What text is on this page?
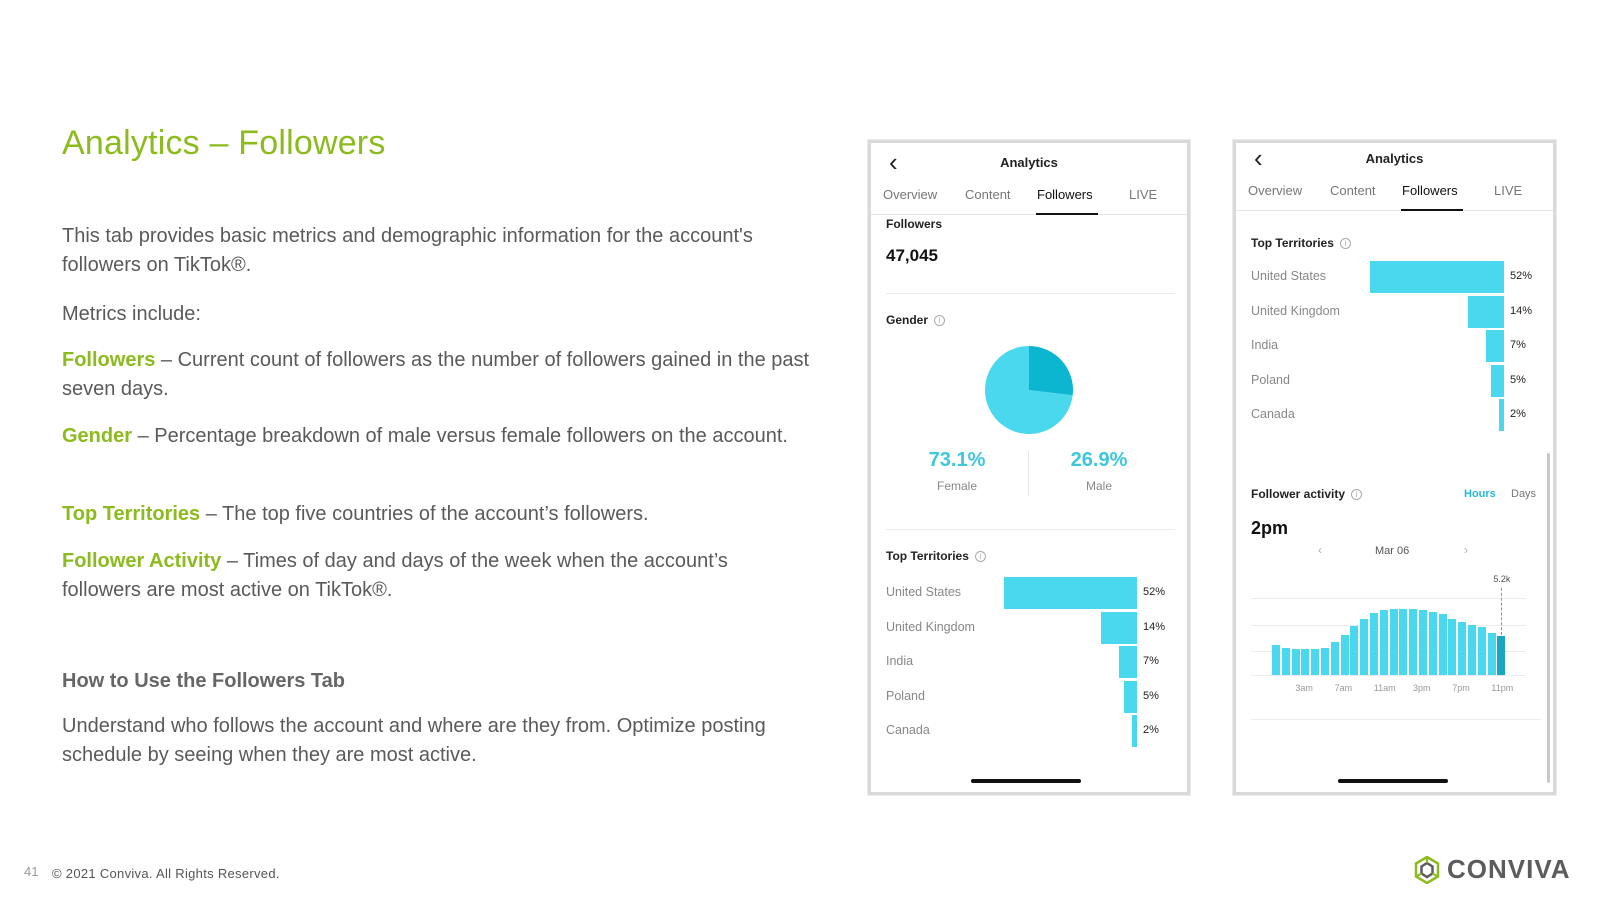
Analytics – Followers

This tab provides basic metrics and demographic information for the account's followers on TikTok®.

Metrics include:

Followers – Current count of followers as the number of followers gained in the past seven days.

Gender – Percentage breakdown of male versus female followers on the account.

Top Territories – The top five countries of the account’s followers.

Follower Activity – Times of day and days of the week when the account’s followers are most active on TikTok®.

How to Use the Followers Tab

Understand who follows the account and where are they from. Optimize posting schedule by seeing when they are most active.

41 © 2021 Conviva. All Rights Reserved.	CONVIVA
‹	Analytics
Overview Content Followers	LIVE
Followers
47,045
Gender i
73.1%
Female
26.9%
Male
Top Territories i
United States	52%
United Kingdom	14%
India	7%
Poland	5%
Canada	2%
‹	Analytics
Overview Content Followers	LIVE
Top Territories i
United States	52%
United Kingdom	14%
India	7%
Poland	5%
Canada	2%
Follower activity i	Hours Days
2pm
‹	Mar 06	›
5.2k
3am 7am 11am 3pm 7pm 11pm
